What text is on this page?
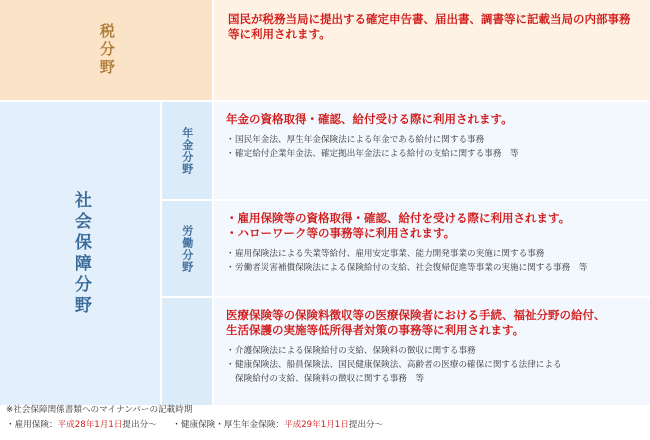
税分野

国民が税務当局に提出する確定申告書、届出書、調書等に記載当局の内部事務等に利用されます。

社会保障分野
年金分野

年金の資格取得・確認、給付受ける際に利用されます。

・国民年金法、厚生年金保険法による年金である給付に関する事務
・確定給付企業年金法、確定拠出年金法による給付の支給に関する事務　等
労働分野

・雇用保険等の資格取得・確認、給付を受ける際に利用されます。

・ハローワーク等の事務等に利用されます。

・雇用保険法による失業等給付、雇用安定事業、能力開発事業の実施に関する事務
・労働者災害補償保険法による保険給付の支給、社会復帰促進等事業の実施に関する事務　等

医療保険等の保険料徴収等の医療保険者における手続、福祉分野の給付、

生活保護の実施等低所得者対策の事務等に利用されます。

・介護保険法による保険給付の支給、保険料の徴収に関する事務
・健康保険法、船員保険法、国民健康保険法、高齢者の医療の確保に関する法律による
保険給付の支給、保険料の徴収に関する事務　等
※社会保障関係書類へのマイナンバーの記載時期
・雇用保険：平成28年1月1日提出分〜 ・健康保険・厚生年金保険：平成29年1月1日提出分〜
